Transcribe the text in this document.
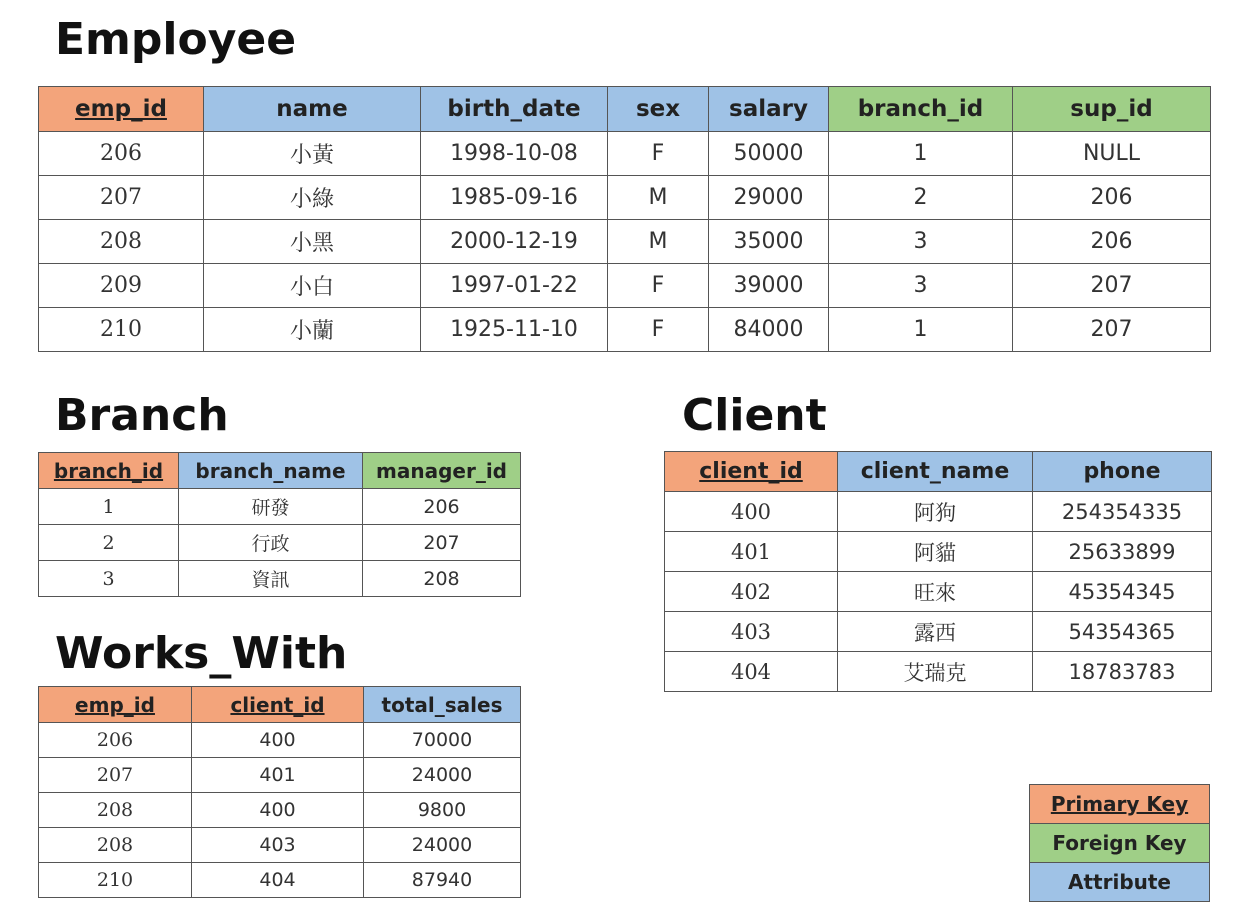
Employee
emp_id	name	birth_date	sex	salary	branch_id	sup_id
206	小黃	1998-10-08	F	50000	1	NULL
207	小綠	1985-09-16	M	29000	2	206
208	小黑	2000-12-19	M	35000	3	206
209	小白	1997-01-22	F	39000	3	207
210	小蘭	1925-11-10	F	84000	1	207
Branch
branch_id	branch_name	manager_id
1	研發	206
2	行政	207
3	資訊	208
Client
client_id	client_name	phone
400	阿狗	254354335
401	阿貓	25633899
402	旺來	45354345
403	露西	54354365
404	艾瑞克	18783783
Works_With
emp_id	client_id	total_sales
206	400	70000
207	401	24000
208	400	9800
208	403	24000
210	404	87940
Primary Key
Foreign Key
Attribute
